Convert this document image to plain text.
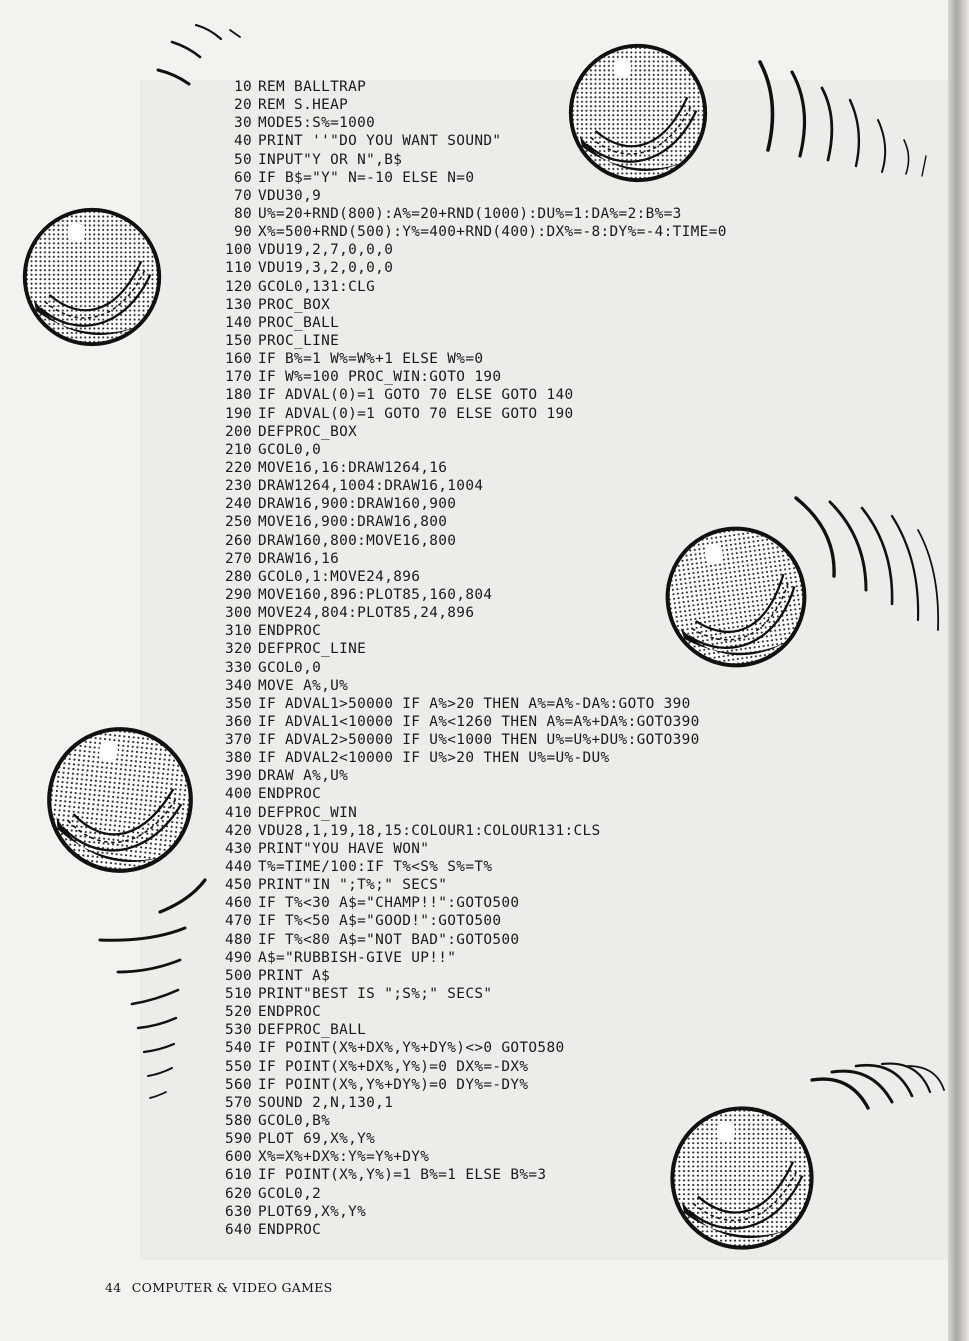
10 REM BALLTRAP
20 REM S.HEAP
30 MODE5:S%=1000
40 PRINT ''"DO YOU WANT SOUND"
50 INPUT"Y OR N",B$
60 IF B$="Y" N=-10 ELSE N=0
70 VDU30,9
80 U%=20+RND(800):A%=20+RND(1000):DU%=1:DA%=2:B%=3
90 X%=500+RND(500):Y%=400+RND(400):DX%=-8:DY%=-4:TIME=0
100 VDU19,2,7,0,0,0
110 VDU19,3,2,0,0,0
120 GCOL0,131:CLG
130 PROC_BOX
140 PROC_BALL
150 PROC_LINE
160 IF B%=1 W%=W%+1 ELSE W%=0
170 IF W%=100 PROC_WIN:GOTO 190
180 IF ADVAL(0)=1 GOTO 70 ELSE GOTO 140
190 IF ADVAL(0)=1 GOTO 70 ELSE GOTO 190
200 DEFPROC_BOX
210 GCOL0,0
220 MOVE16,16:DRAW1264,16
230 DRAW1264,1004:DRAW16,1004
240 DRAW16,900:DRAW160,900
250 MOVE16,900:DRAW16,800
260 DRAW160,800:MOVE16,800
270 DRAW16,16
280 GCOL0,1:MOVE24,896
290 MOVE160,896:PLOT85,160,804
300 MOVE24,804:PLOT85,24,896
310 ENDPROC
320 DEFPROC_LINE
330 GCOL0,0
340 MOVE A%,U%
350 IF ADVAL1>50000 IF A%>20 THEN A%=A%-DA%:GOTO 390
360 IF ADVAL1<10000 IF A%<1260 THEN A%=A%+DA%:GOTO390
370 IF ADVAL2>50000 IF U%<1000 THEN U%=U%+DU%:GOTO390
380 IF ADVAL2<10000 IF U%>20 THEN U%=U%-DU%
390 DRAW A%,U%
400 ENDPROC
410 DEFPROC_WIN
420 VDU28,1,19,18,15:COLOUR1:COLOUR131:CLS
430 PRINT"YOU HAVE WON"
440 T%=TIME/100:IF T%<S% S%=T%
450 PRINT"IN ";T%;" SECS"
460 IF T%<30 A$="CHAMP!!":GOTO500
470 IF T%<50 A$="GOOD!":GOTO500
480 IF T%<80 A$="NOT BAD":GOTO500
490 A$="RUBBISH-GIVE UP!!"
500 PRINT A$
510 PRINT"BEST IS ";S%;" SECS"
520 ENDPROC
530 DEFPROC_BALL
540 IF POINT(X%+DX%,Y%+DY%)<>0 GOTO580
550 IF POINT(X%+DX%,Y%)=0 DX%=-DX%
560 IF POINT(X%,Y%+DY%)=0 DY%=-DY%
570 SOUND 2,N,130,1
580 GCOL0,B%
590 PLOT 69,X%,Y%
600 X%=X%+DX%:Y%=Y%+DY%
610 IF POINT(X%,Y%)=1 B%=1 ELSE B%=3
620 GCOL0,2
630 PLOT69,X%,Y%
640 ENDPROC
44 COMPUTER & VIDEO GAMES
